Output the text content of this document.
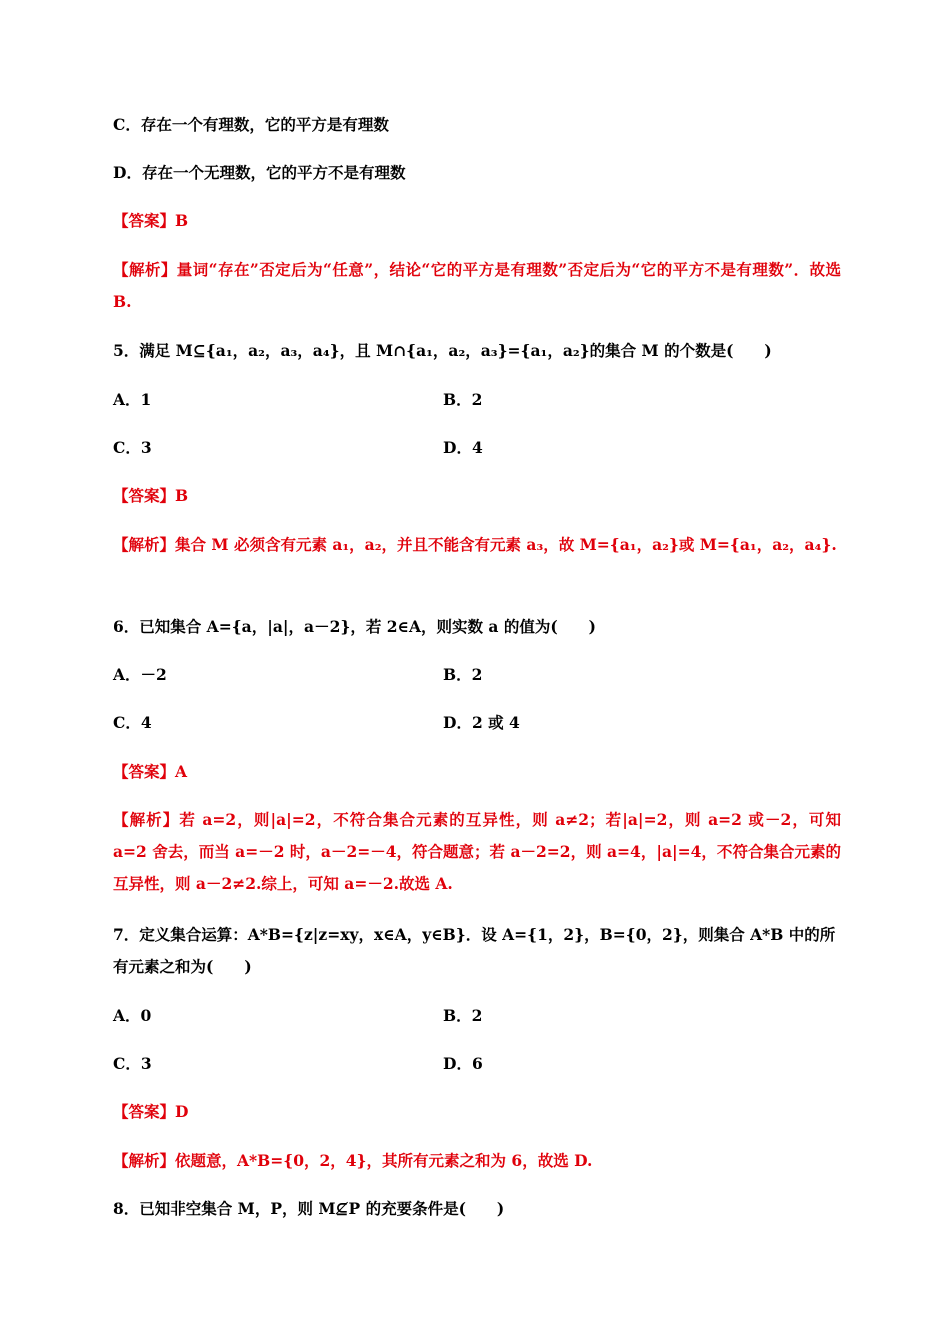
C．存在一个有理数，它的平方是有理数

D．存在一个无理数，它的平方不是有理数

【答案】B

【解析】量词“存在”否定后为“任意”，结论“它的平方是有理数”否定后为“它的平方不是有理数”．故选 B.

5．满足 M⊆{a₁，a₂，a₃，a₄}，且 M∩{a₁，a₂，a₃}={a₁，a₂}的集合 M 的个数是(　　)

A．1	B．2

C．3	D．4

【答案】B

【解析】集合 M 必须含有元素 a₁，a₂，并且不能含有元素 a₃，故 M={a₁，a₂}或 M={a₁，a₂，a₄}.

6．已知集合 A={a，|a|，a－2}，若 2∈A，则实数 a 的值为(　　)

A．－2	B．2

C．4	D．2 或 4

【答案】A

【解析】若 a=2，则|a|=2，不符合集合元素的互异性，则 a≠2；若|a|=2，则 a=2 或－2，可知 a=2 舍去，而当 a=－2 时，a－2=－4，符合题意；若 a－2=2，则 a=4，|a|=4，不符合集合元素的互异性，则 a－2≠2.综上，可知 a=－2.故选 A.

7．定义集合运算：A*B={z|z=xy，x∈A，y∈B}．设 A={1，2}，B={0，2}，则集合 A*B 中的所

有元素之和为(　　)

A．0	B．2

C．3	D．6

【答案】D

【解析】依题意，A*B={0，2，4}，其所有元素之和为 6，故选 D.

8．已知非空集合 M，P，则 M⊈P 的充要条件是(　　)
